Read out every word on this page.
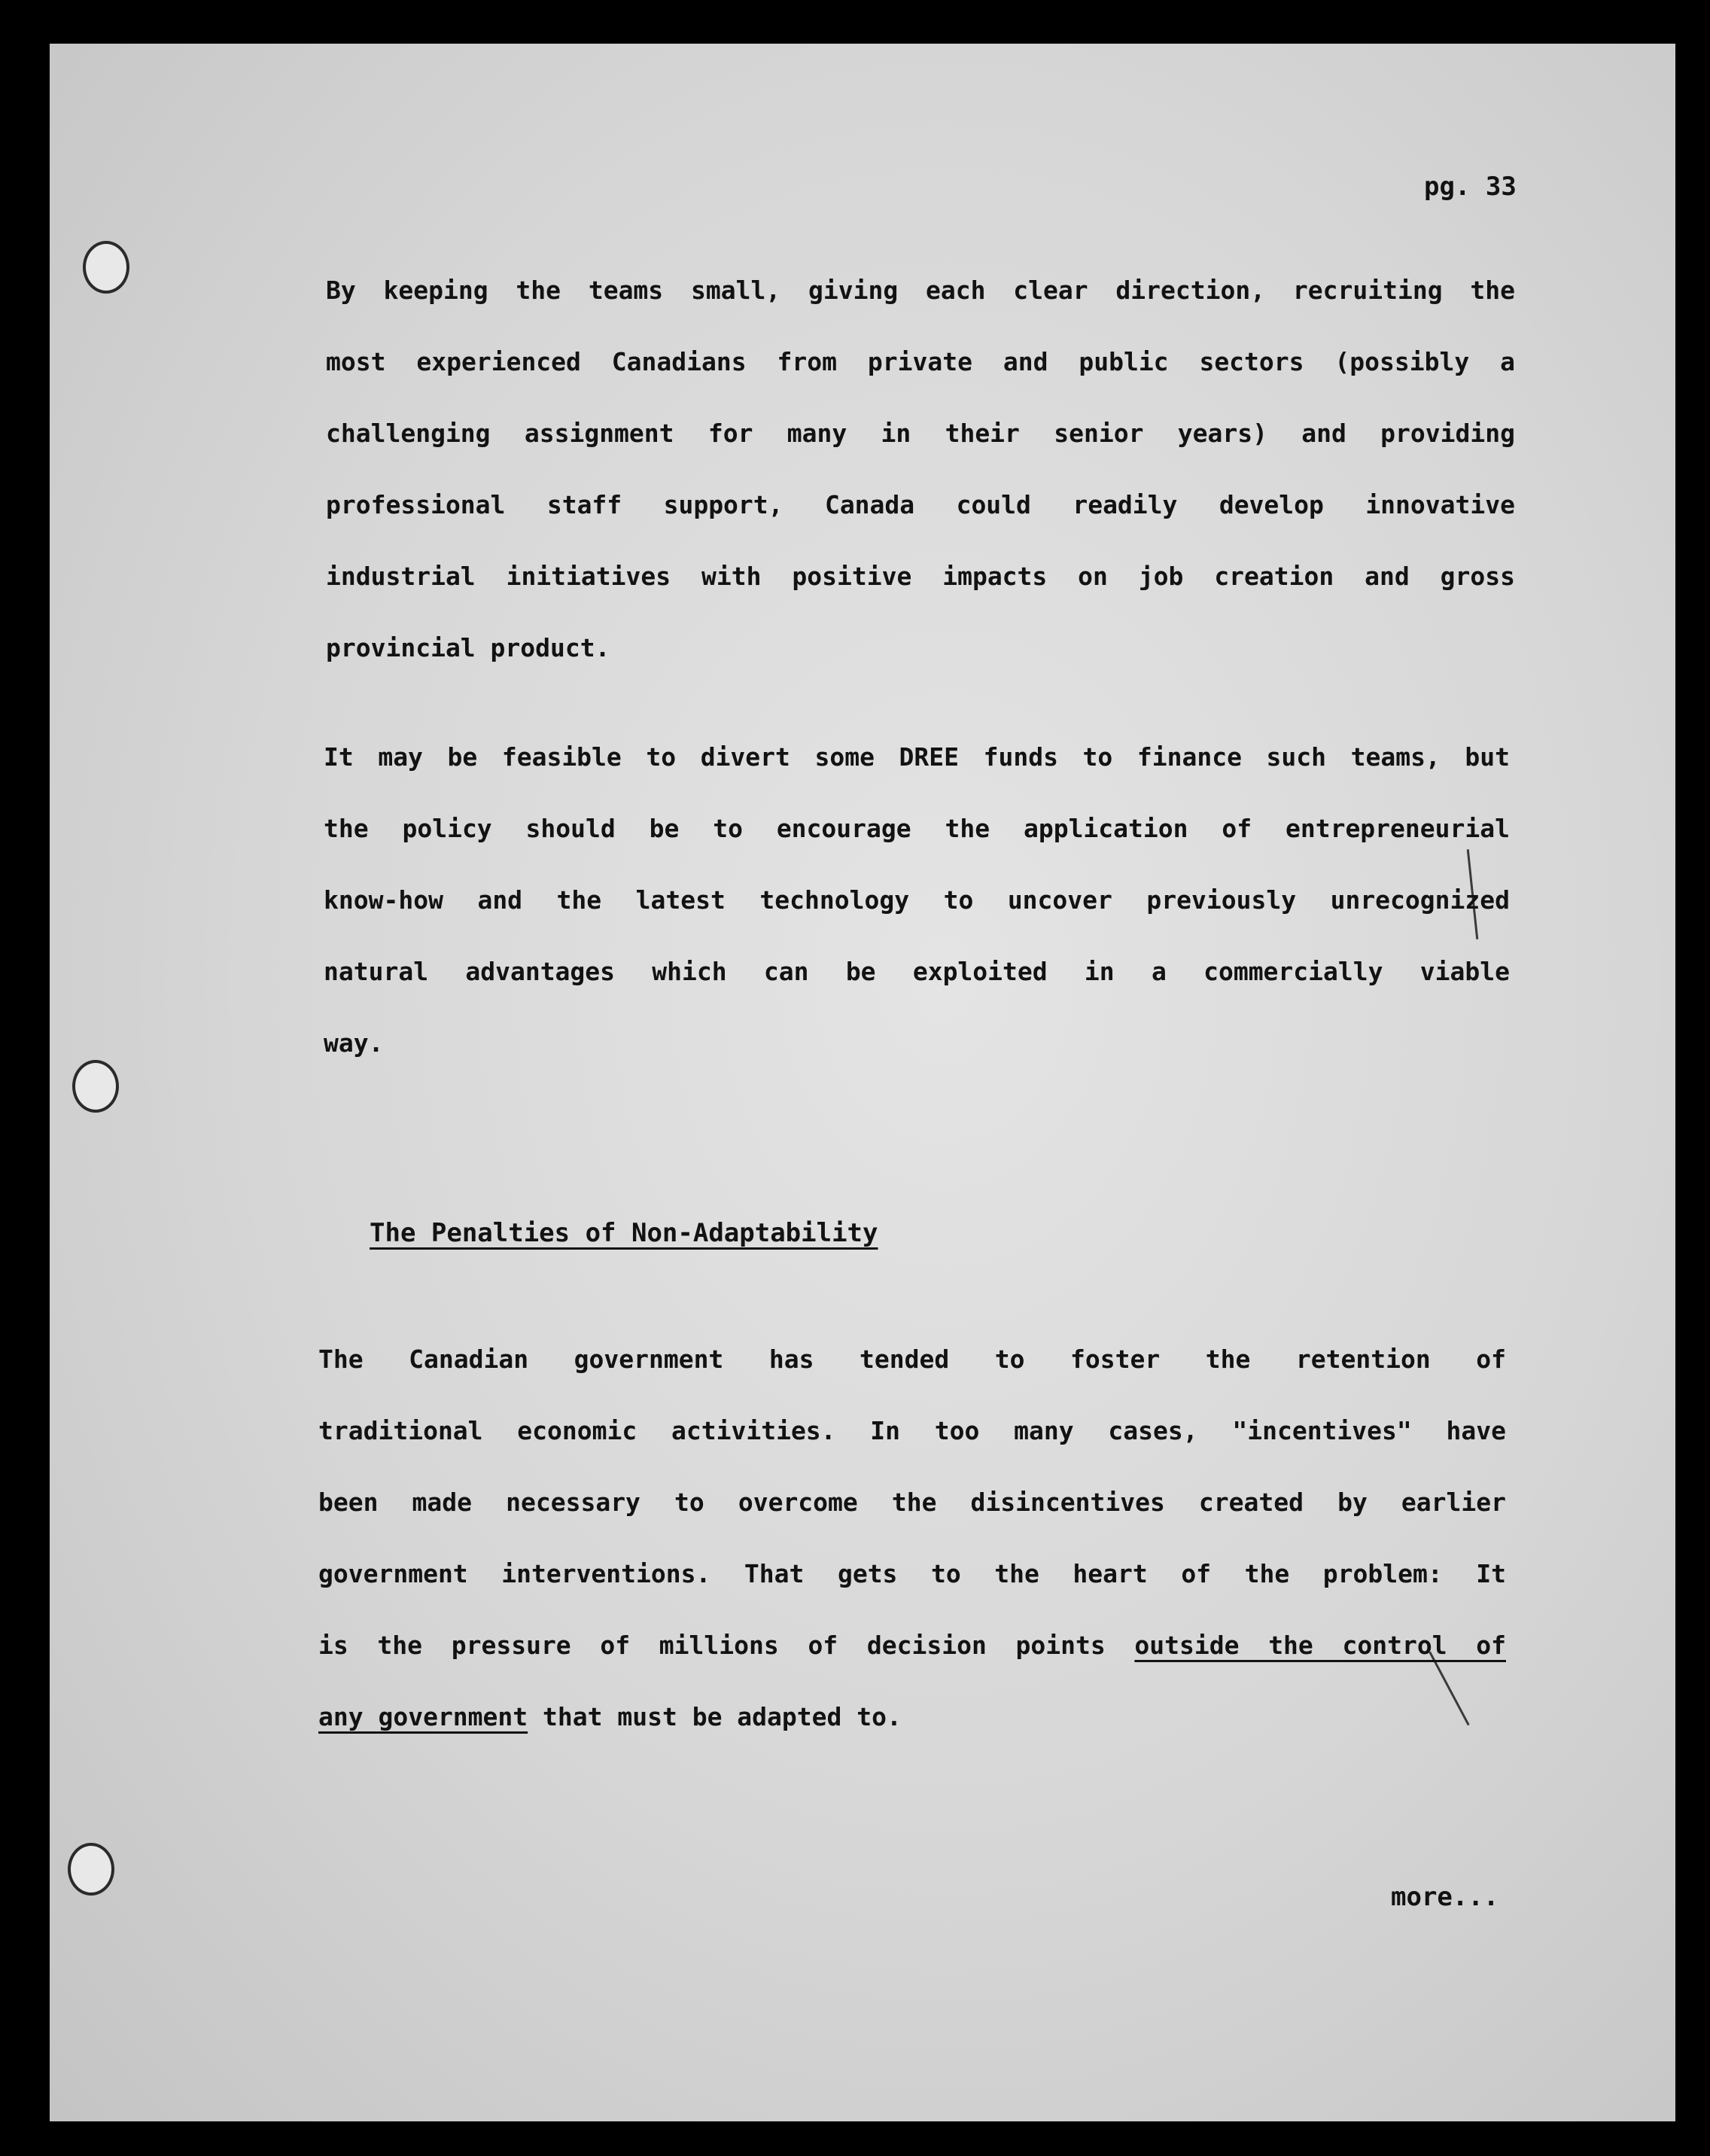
pg. 33
By keeping the teams small, giving each clear direction, recruiting the
most experienced Canadians from private and public sectors (possibly a
challenging assignment for many in their senior years) and providing
professional staff support, Canada could readily develop innovative
industrial initiatives with positive impacts on job creation and gross
provincial product.
It may be feasible to divert some DREE funds to finance such teams, but
the policy should be to encourage the application of entrepreneurial
know-how and the latest technology to uncover previously unrecognized
natural advantages which can be exploited in a commercially viable
way.
The Penalties of Non-Adaptability
The Canadian government has tended to foster the retention of
traditional economic activities. In too many cases, "incentives" have
been made necessary to overcome the disincentives created by earlier
government interventions. That gets to the heart of the problem: It
is the pressure of millions of decision points outside the control of
any government that must be adapted to.
more...
